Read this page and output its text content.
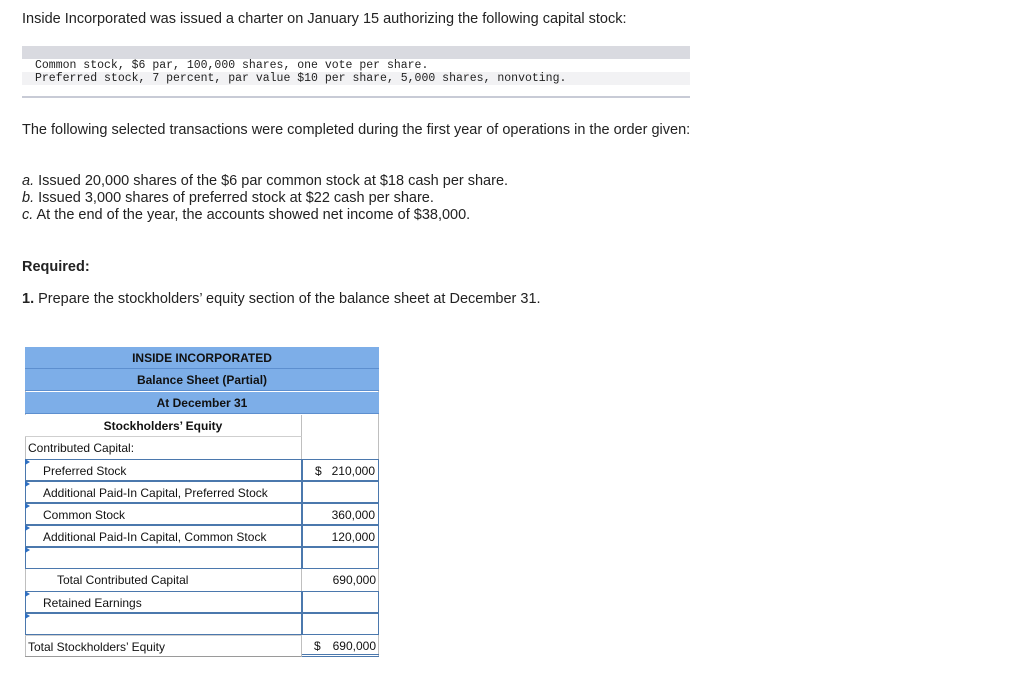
Inside Incorporated was issued a charter on January 15 authorizing the following capital stock:

Common stock, $6 par, 100,000 shares, one vote per share.
Preferred stock, 7 percent, par value $10 per share, 5,000 shares, nonvoting.

The following selected transactions were completed during the first year of operations in the order given:

a. Issued 20,000 shares of the $6 par common stock at $18 cash per share.
b. Issued 3,000 shares of preferred stock at $22 cash per share.
c. At the end of the year, the accounts showed net income of $38,000.
Required:
1. Prepare the stockholders’ equity section of the balance sheet at December 31.
INSIDE INCORPORATED
Balance Sheet (Partial)
At December 31
Stockholders’ Equity
Contributed Capital:
Preferred Stock	$ 210,000
Additional Paid-In Capital, Preferred Stock
Common Stock	360,000
Additional Paid-In Capital, Common Stock	120,000
Total Contributed Capital	690,000
Retained Earnings
Total Stockholders’ Equity	$ 690,000
